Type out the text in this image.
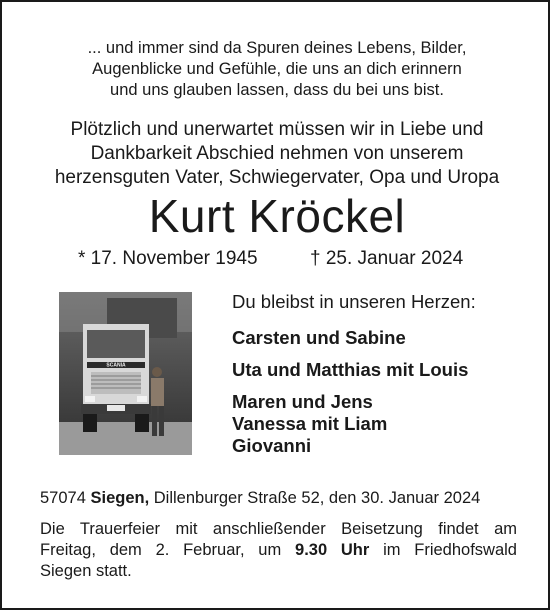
... und immer sind da Spuren deines Lebens, Bilder,
Augenblicke und Gefühle, die uns an dich erinnern
und uns glauben lassen, dass du bei uns bist.
Plötzlich und unerwartet müssen wir in Liebe und
Dankbarkeit Abschied nehmen von unserem
herzensguten Vater, Schwiegervater, Opa und Uropa
Kurt Kröckel
* 17. November 1945	† 25. Januar 2024
SCANIA
Du bleibst in unseren Herzen:
Carsten und Sabine
Uta und Matthias mit Louis
Maren und Jens
Vanessa mit Liam
Giovanni
57074 Siegen, Dillenburger Straße 52, den 30. Januar 2024
Die Trauerfeier mit anschließender Beisetzung findet am
Freitag, dem 2. Februar, um 9.30 Uhr im Friedhofswald
Siegen statt.
